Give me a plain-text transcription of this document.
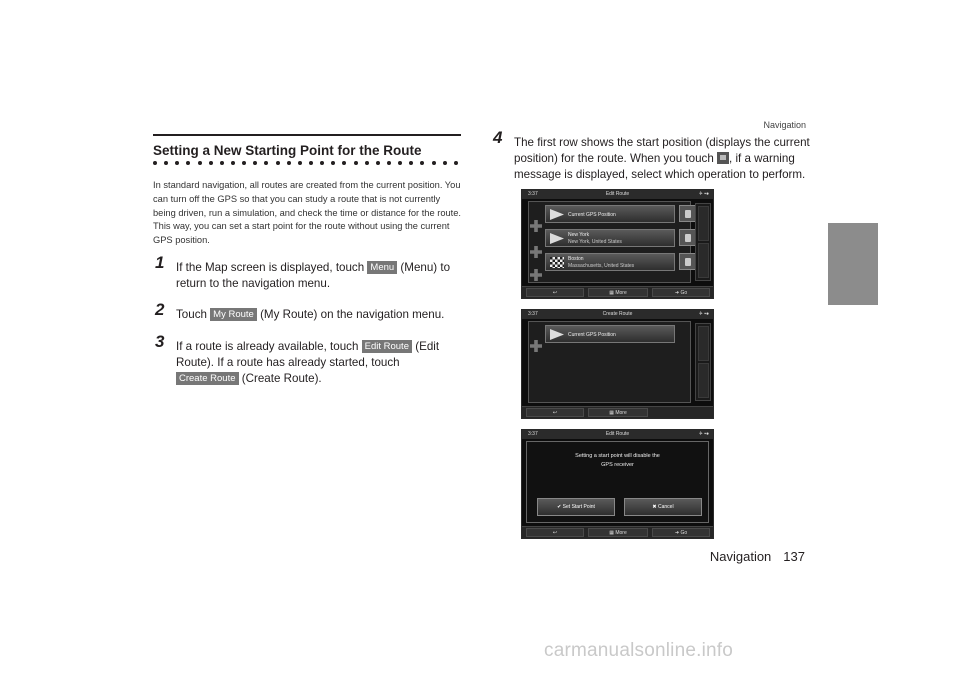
Navigation
Setting a New Starting Point for the Route

In standard navigation, all routes are created from the current position. You can turn off the GPS so that you can study a route that is not currently being driven, run a simulation, and check the time or distance for the route. This way, you can set a start point for the route without using the current GPS position.

1 If the Map screen is displayed, touch Menu (Menu) to return to the navigation menu.
2 Touch My Route (My Route) on the navigation menu.
3 If a route is already available, touch Edit Route (Edit Route). If a route has already started, touch Create Route (Create Route).
4 The first row shows the start position (displays the current position) for the route. When you touch , if a warning message is displayed, select which operation to perform.
3:37	Edit Route	✈ ▪●
Current GPS Position
New York
New York, United States
Boston
Massachusetts, United States
↩	▦ More	➜ Go
3:37	Create Route	✈ ▪●
Current GPS Position
↩	▦ More
3:37	Edit Route	✈ ▪●
Setting a start point will disable the
GPS receiver
✔ Set Start Point	✖ Cancel
↩	▦ More	➜ Go
Navigation 137
carmanualsonline.info
